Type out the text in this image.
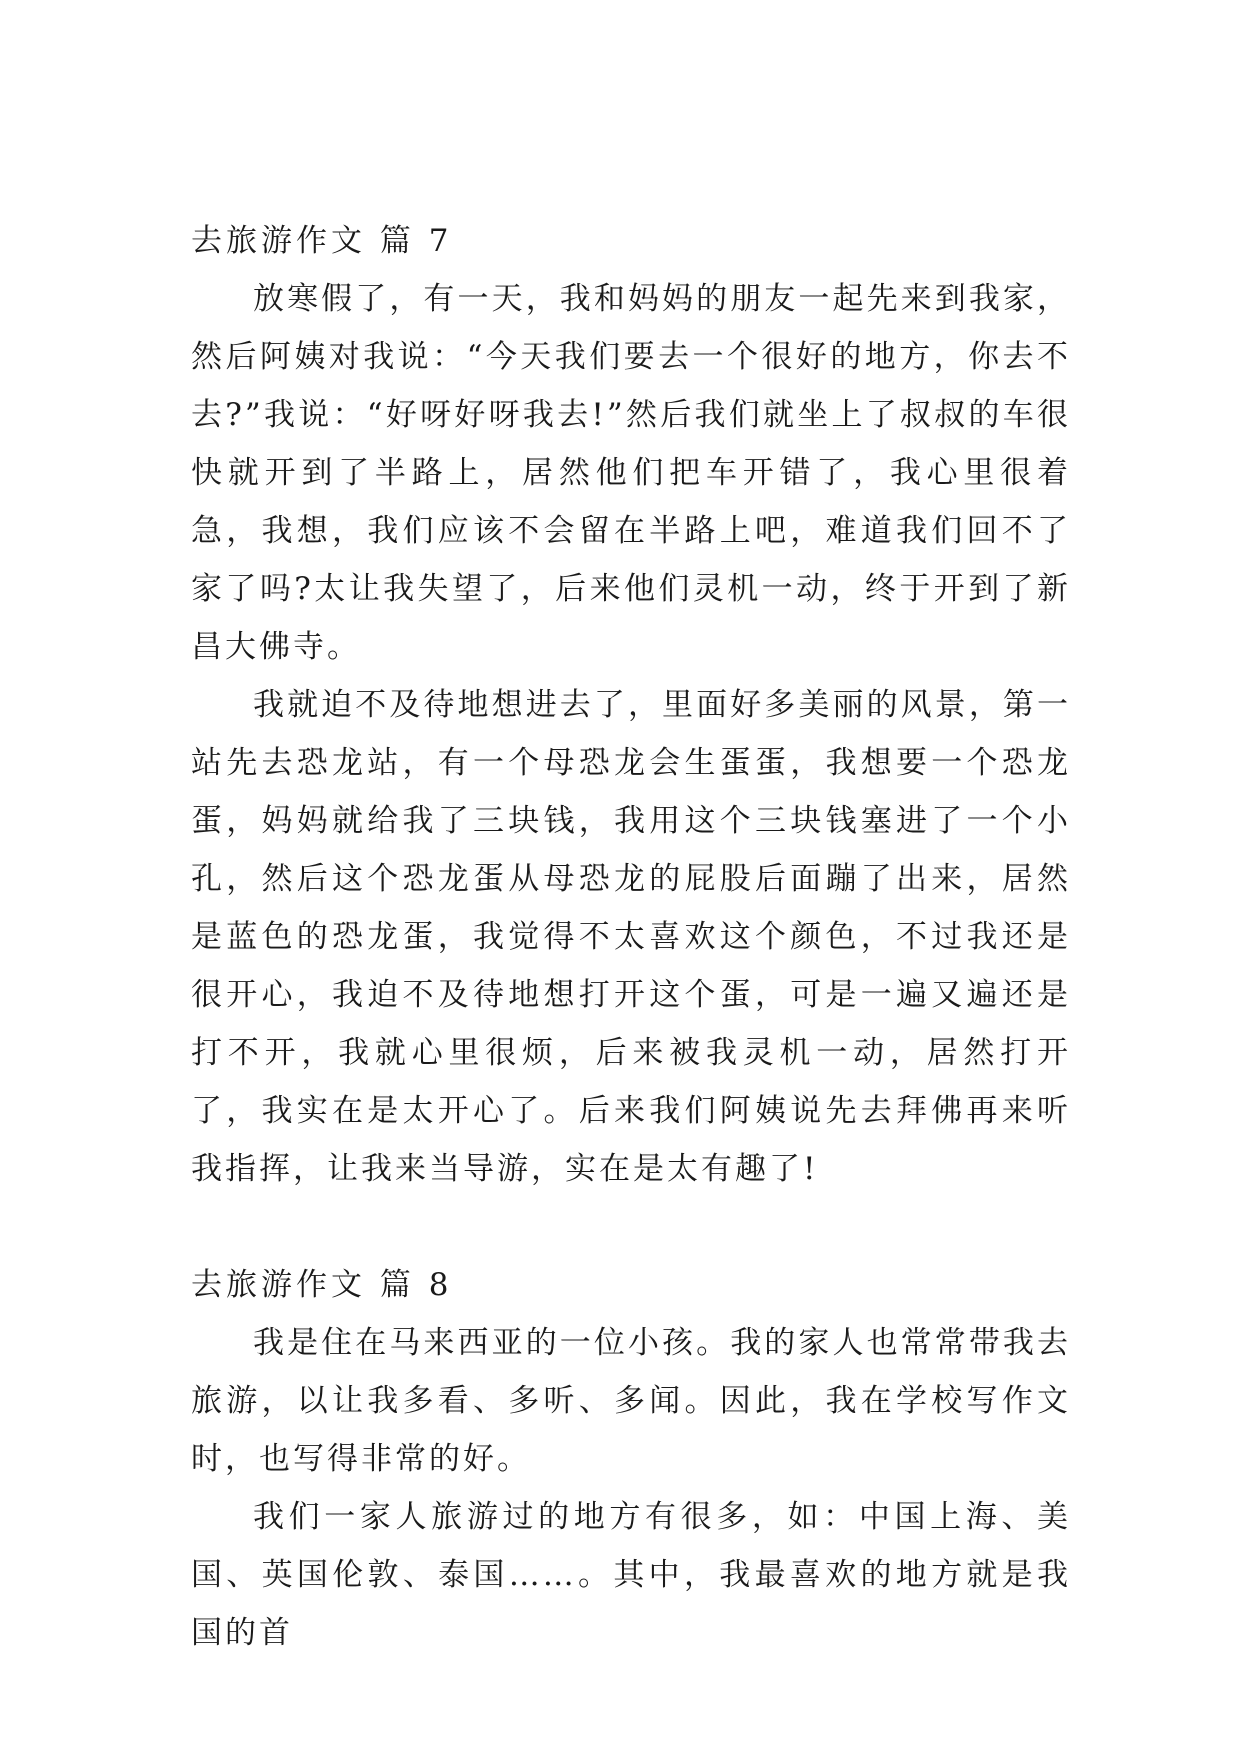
去旅游作文 篇 7

放寒假了，有一天，我和妈妈的朋友一起先来到我家，然后阿姨对我说：“今天我们要去一个很好的地方，你去不去?”我说：“好呀好呀我去!”然后我们就坐上了叔叔的车很快就开到了半路上，居然他们把车开错了，我心里很着急，我想，我们应该不会留在半路上吧，难道我们回不了家了吗?太让我失望了，后来他们灵机一动，终于开到了新昌大佛寺。

我就迫不及待地想进去了，里面好多美丽的风景，第一站先去恐龙站，有一个母恐龙会生蛋蛋，我想要一个恐龙蛋，妈妈就给我了三块钱，我用这个三块钱塞进了一个小孔，然后这个恐龙蛋从母恐龙的屁股后面蹦了出来，居然是蓝色的恐龙蛋，我觉得不太喜欢这个颜色，不过我还是很开心，我迫不及待地想打开这个蛋，可是一遍又遍还是打不开，我就心里很烦，后来被我灵机一动，居然打开了，我实在是太开心了。后来我们阿姨说先去拜佛再来听我指挥，让我来当导游，实在是太有趣了!

去旅游作文 篇 8

我是住在马来西亚的一位小孩。我的家人也常常带我去旅游，以让我多看、多听、多闻。因此，我在学校写作文时，也写得非常的好。

我们一家人旅游过的地方有很多，如：中国上海、美国、英国伦敦、泰国……。其中，我最喜欢的地方就是我国的首
